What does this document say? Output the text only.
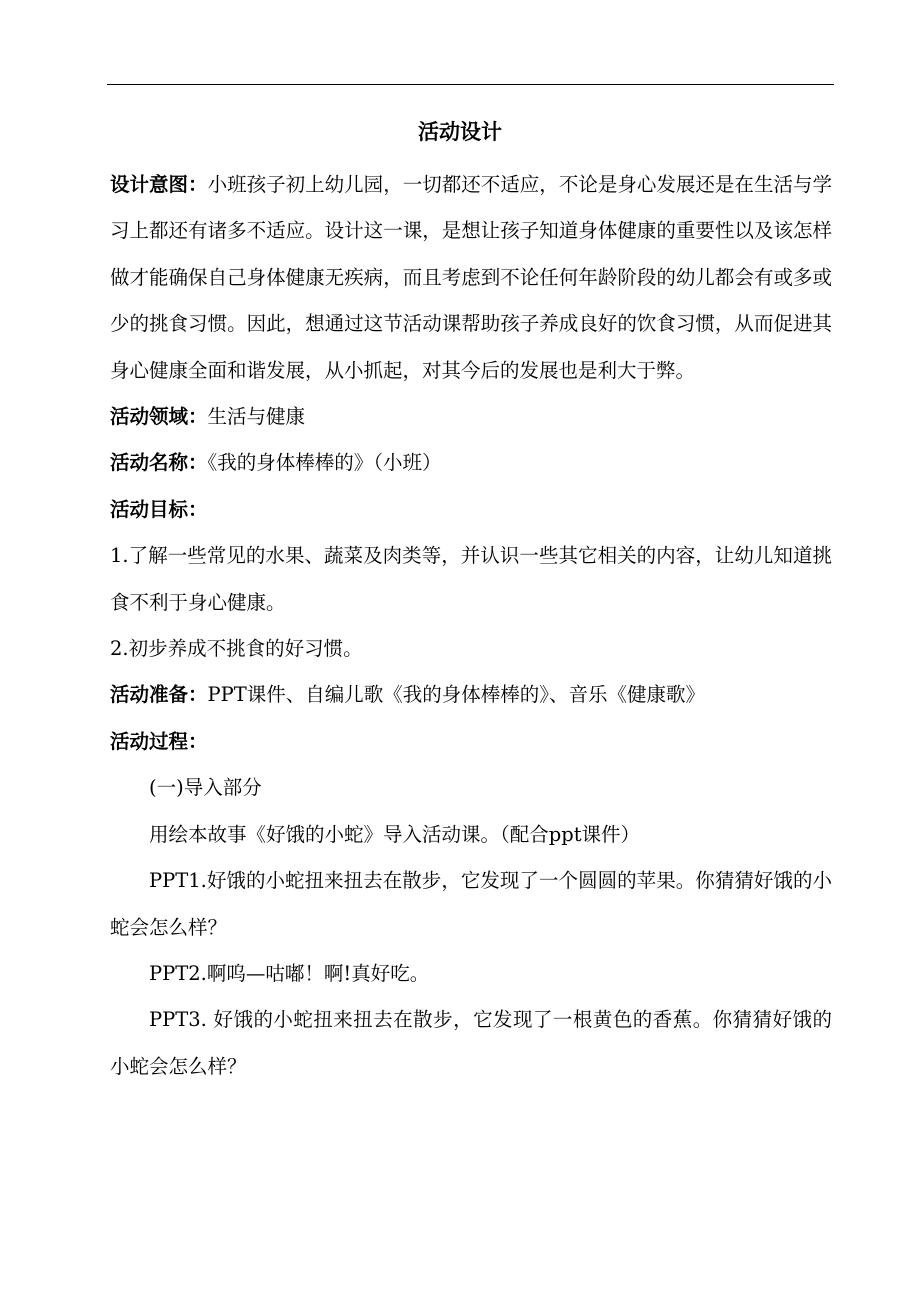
活动设计

设计意图：小班孩子初上幼儿园，一切都还不适应，不论是身心发展还是在生活与学习上都还有诸多不适应。设计这一课，是想让孩子知道身体健康的重要性以及该怎样做才能确保自己身体健康无疾病，而且考虑到不论任何年龄阶段的幼儿都会有或多或少的挑食习惯。因此，想通过这节活动课帮助孩子养成良好的饮食习惯，从而促进其身心健康全面和谐发展，从小抓起，对其今后的发展也是利大于弊。

活动领域：生活与健康

活动名称：《我的身体棒棒的》（小班）

活动目标：

1.了解一些常见的水果、蔬菜及肉类等，并认识一些其它相关的内容，让幼儿知道挑食不利于身心健康。

2.初步养成不挑食的好习惯。

活动准备：PPT课件、自编儿歌《我的身体棒棒的》、音乐《健康歌》

活动过程：

(一)导入部分

用绘本故事《好饿的小蛇》导入活动课。（配合ppt课件）

PPT1.好饿的小蛇扭来扭去在散步，它发现了一个圆圆的苹果。你猜猜好饿的小蛇会怎么样？

PPT2.啊呜—咕嘟！啊!真好吃。

PPT3. 好饿的小蛇扭来扭去在散步，它发现了一根黄色的香蕉。你猜猜好饿的小蛇会怎么样？
